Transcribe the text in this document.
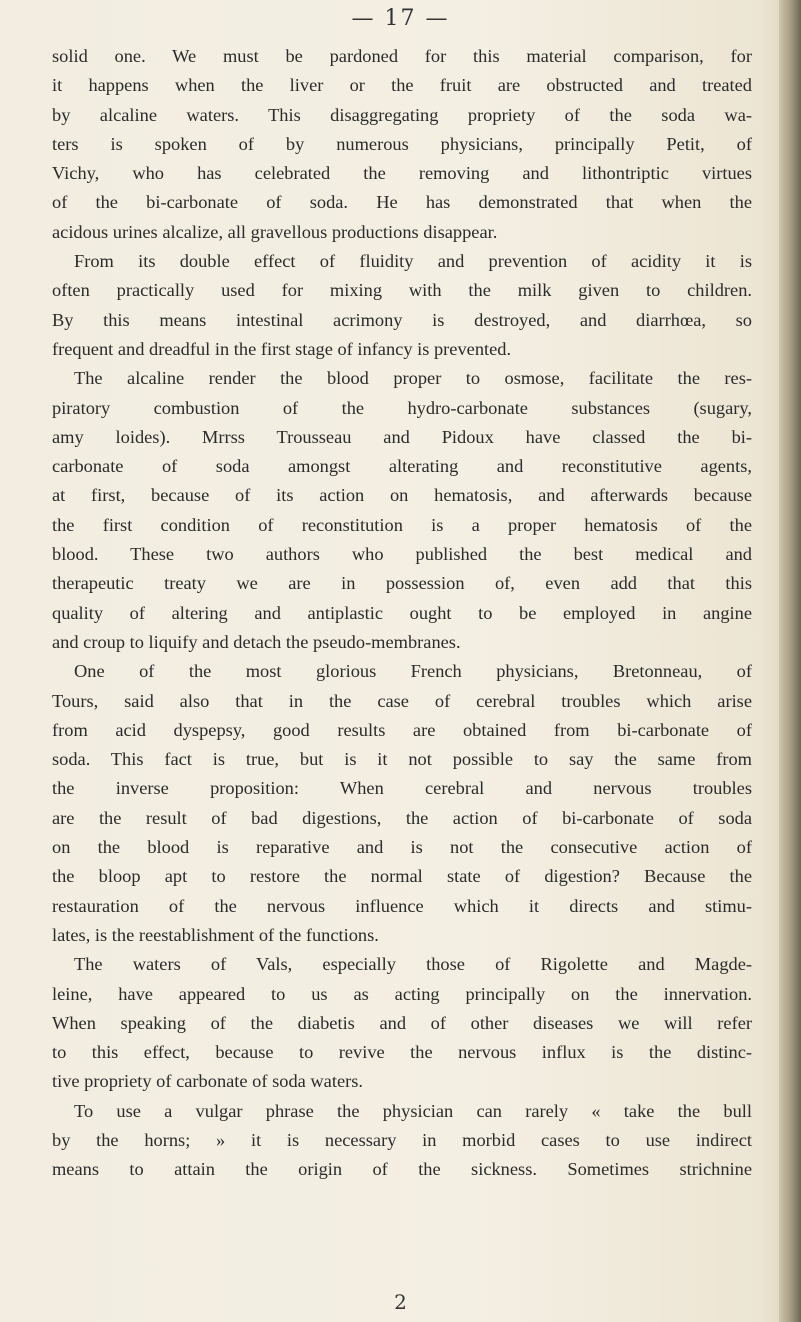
— 17 —
solid one. We must be pardoned for this material comparison, for
it happens when the liver or the fruit are obstructed and treated
by alcaline waters. This disaggregating propriety of the soda wa-
ters is spoken of by numerous physicians, principally Petit, of
Vichy, who has celebrated the removing and lithontriptic virtues
of the bi-carbonate of soda. He has demonstrated that when the
acidous urines alcalize, all gravellous productions disappear.
From its double effect of fluidity and prevention of acidity it is
often practically used for mixing with the milk given to children.
By this means intestinal acrimony is destroyed, and diarrhœa, so
frequent and dreadful in the first stage of infancy is prevented.
The alcaline render the blood proper to osmose, facilitate the res-
piratory combustion of the hydro-carbonate substances (sugary,
amy loides). Mrrss Trousseau and Pidoux have classed the bi-
carbonate of soda amongst alterating and reconstitutive agents,
at first, because of its action on hematosis, and afterwards because
the first condition of reconstitution is a proper hematosis of the
blood. These two authors who published the best medical and
therapeutic treaty we are in possession of, even add that this
quality of altering and antiplastic ought to be employed in angine
and croup to liquify and detach the pseudo-membranes.
One of the most glorious French physicians, Bretonneau, of
Tours, said also that in the case of cerebral troubles which arise
from acid dyspepsy, good results are obtained from bi-carbonate of
soda. This fact is true, but is it not possible to say the same from
the inverse proposition: When cerebral and nervous troubles
are the result of bad digestions, the action of bi-carbonate of soda
on the blood is reparative and is not the consecutive action of
the bloop apt to restore the normal state of digestion? Because the
restauration of the nervous influence which it directs and stimu-
lates, is the reestablishment of the functions.
The waters of Vals, especially those of Rigolette and Magde-
leine, have appeared to us as acting principally on the innervation.
When speaking of the diabetis and of other diseases we will refer
to this effect, because to revive the nervous influx is the distinc-
tive propriety of carbonate of soda waters.
To use a vulgar phrase the physician can rarely « take the bull
by the horns; » it is necessary in morbid cases to use indirect
means to attain the origin of the sickness. Sometimes strichnine
2
